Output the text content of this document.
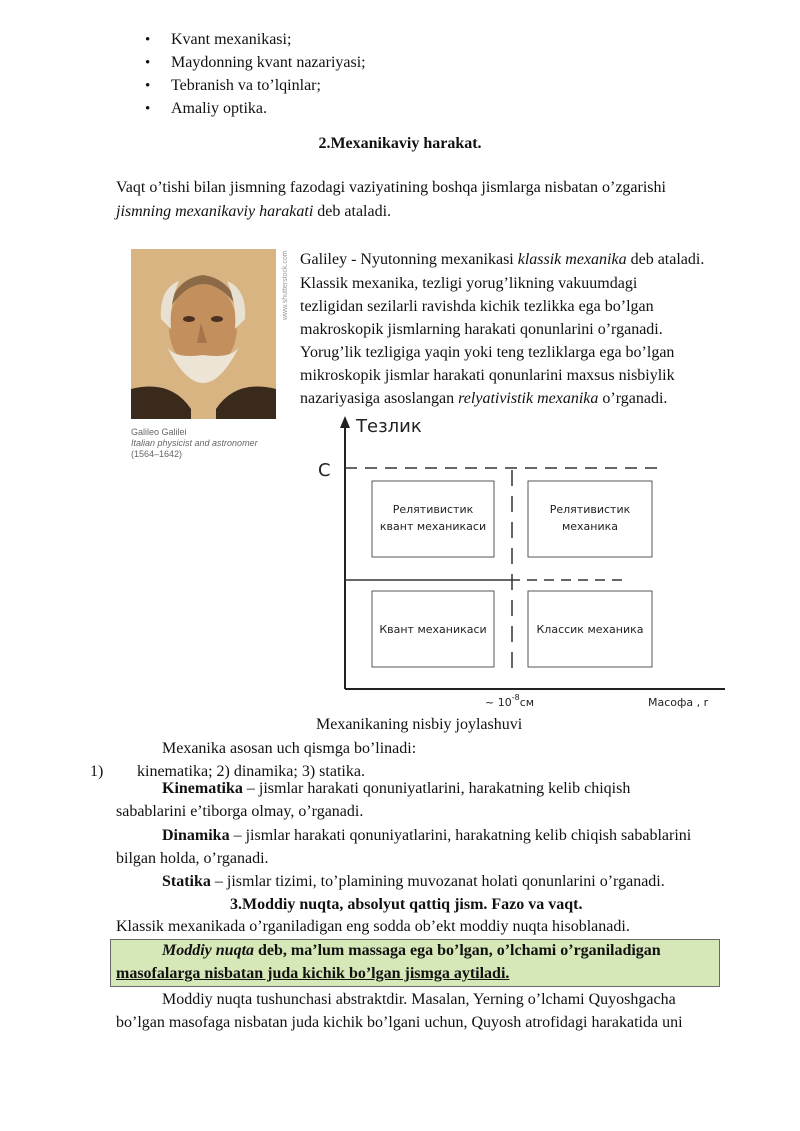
• Kvant mexanikasi;
• Maydonning kvant nazariyasi;
• Tebranish va to’lqinlar;
• Amaliy optika.
2.Mexanikaviy harakat.
Vaqt o’tishi bilan jismning fazodagi vaziyatining boshqa jismlarga nisbatan o’zgarishi
jismning mexanikaviy harakati deb ataladi.
www.shutterstock.com
Galileo Galilei
Italian physicist and astronomer
(1564–1642)
Galiley - Nyutonning mexanikasi klassik mexanika deb ataladi.
Klassik mexanika, tezligi yorug’likning vakuumdagi
tezligidan sezilarli ravishda kichik tezlikka ega bo’lgan
makroskopik jismlarning harakati qonunlarini o’rganadi.
Yorug’lik tezligiga yaqin yoki teng tezliklarga ega bo’lgan
mikroskopik jismlar harakati qonunlarini maxsus nisbiylik
nazariyasiga asoslangan relyativistik mexanika o’rganadi.
Тезлик
C
Релятивистик
квант механикаси
Релятивистик
механика
Квант механикаси	Классик механика
~ $10^{-8}см$	Масофа , r
Mexanikaning nisbiy joylashuvi
Mexanika asosan uch qismga bo’linadi:
1) kinematika; 2) dinamika; 3) statika.
Kinematika – jismlar harakati qonuniyatlarini, harakatning kelib chiqish
sabablarini e’tiborga olmay, o’rganadi.
Dinamika – jismlar harakati qonuniyatlarini, harakatning kelib chiqish sabablarini
bilgan holda, o’rganadi.
Statika – jismlar tizimi, to’plamining muvozanat holati qonunlarini o’rganadi.
3.Moddiy nuqta, absolyut qattiq jism. Fazo va vaqt.
Klassik mexanikada o’rganiladigan eng sodda ob’ekt moddiy nuqta hisoblanadi.
Moddiy nuqta deb, ma’lum massaga ega bo’lgan, o’lchami o’rganiladigan
masofalarga nisbatan juda kichik bo’lgan jismga aytiladi.
Moddiy nuqta tushunchasi abstraktdir. Masalan, Yerning o’lchami Quyoshgacha
bo’lgan masofaga nisbatan juda kichik bo’lgani uchun, Quyosh atrofidagi harakatida uni
